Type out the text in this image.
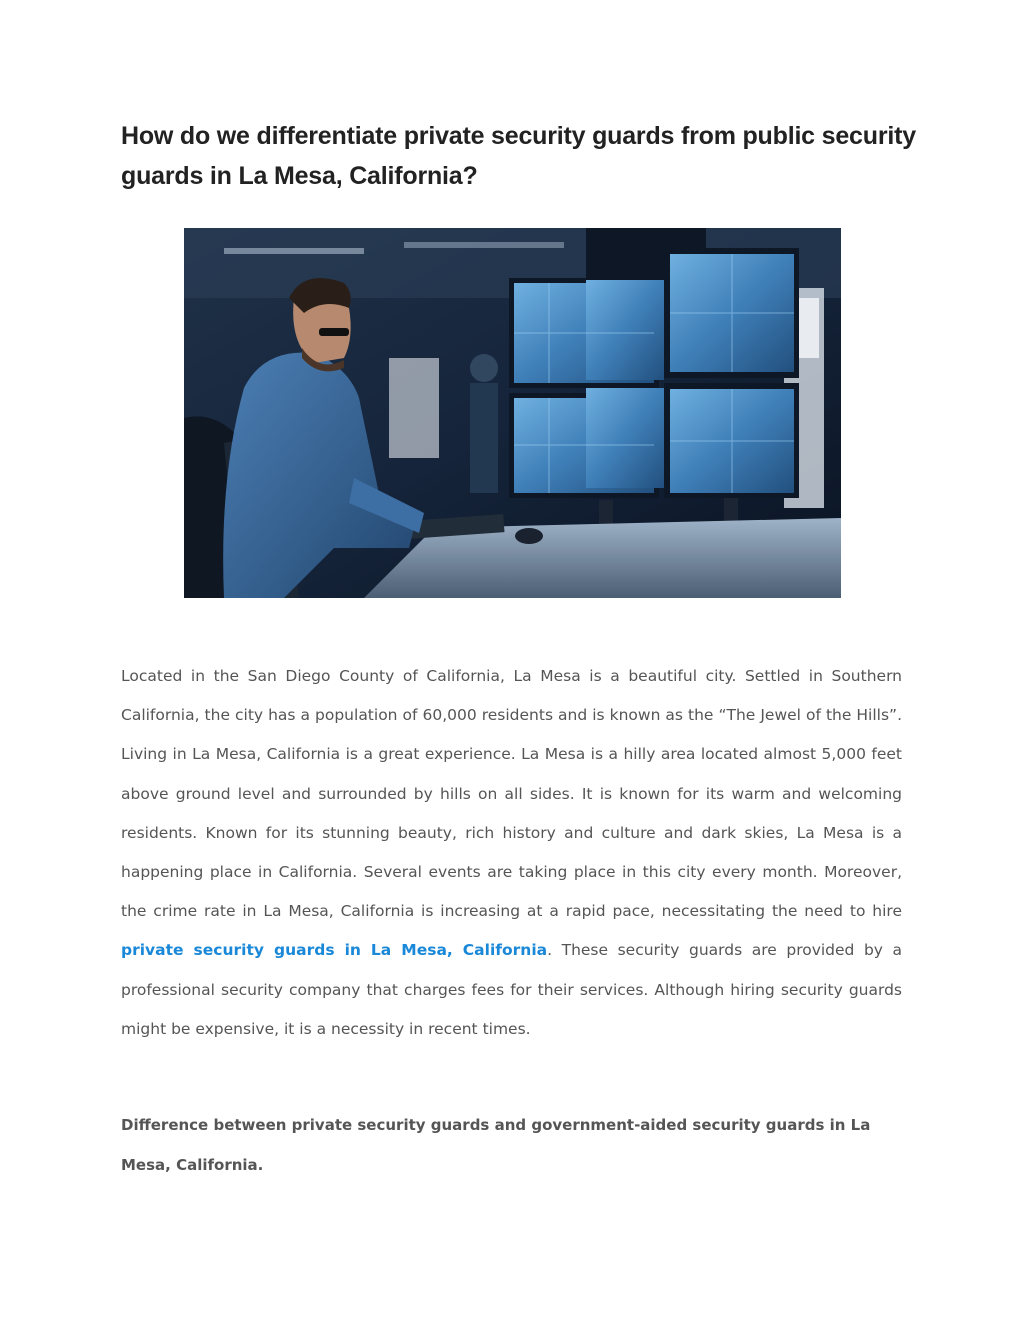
How do we differentiate private security guards from public security guards in La Mesa, California?

Located in the San Diego County of California, La Mesa is a beautiful city. Settled in Southern California, the city has a population of 60,000 residents and is known as the “The Jewel of the Hills”. Living in La Mesa, California is a great experience. La Mesa is a hilly area located almost 5,000 feet above ground level and surrounded by hills on all sides. It is known for its warm and welcoming residents. Known for its stunning beauty, rich history and culture and dark skies, La Mesa is a happening place in California. Several events are taking place in this city every month. Moreover, the crime rate in La Mesa, California is increasing at a rapid pace, necessitating the need to hire private security guards in La Mesa, California. These security guards are provided by a professional security company that charges fees for their services. Although hiring security guards might be expensive, it is a necessity in recent times.

Difference between private security guards and government-aided security guards in La Mesa, California.
